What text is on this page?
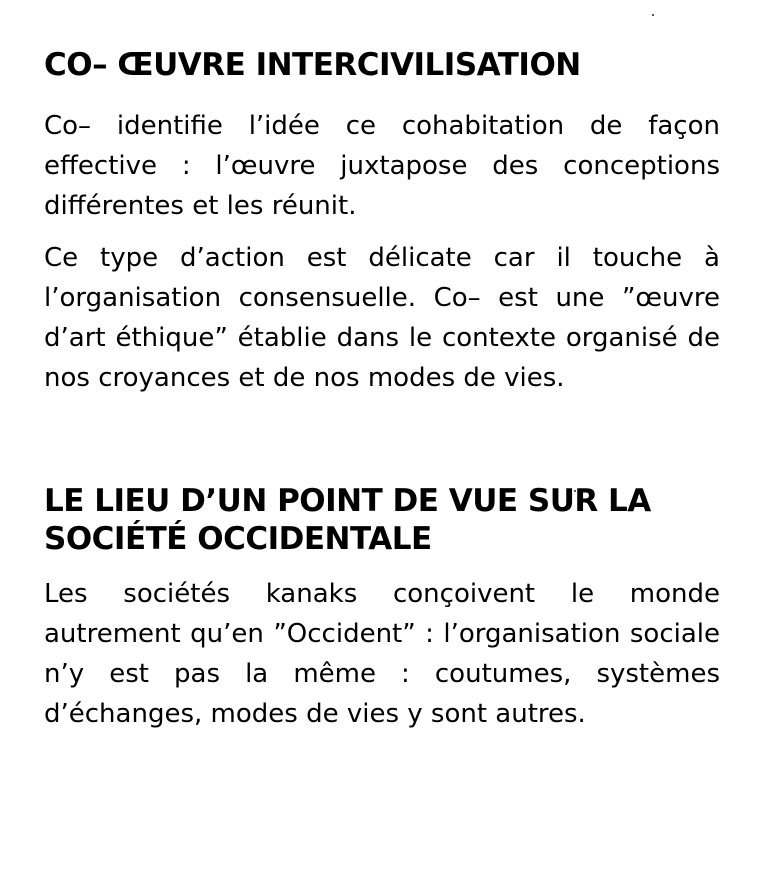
CO– ŒUVRE INTERCIVILISATION

Co– identifie l’idée ce cohabitation de façon effective : l’œuvre juxtapose des conceptions différentes et les réunit.

Ce type d’action est délicate car il touche à l’organisation consensuelle. Co– est une ”œuvre d’art éthique” établie dans le contexte organisé de nos croyances et de nos modes de vies.

LE LIEU D’UN POINT DE VUE SUR LA SOCIÉTÉ OCCIDENTALE

Les sociétés kanaks conçoivent le monde autrement qu’en ”Occident” : l’organisation sociale n’y est pas la même : coutumes, systèmes d’échanges, modes de vies y sont autres.
